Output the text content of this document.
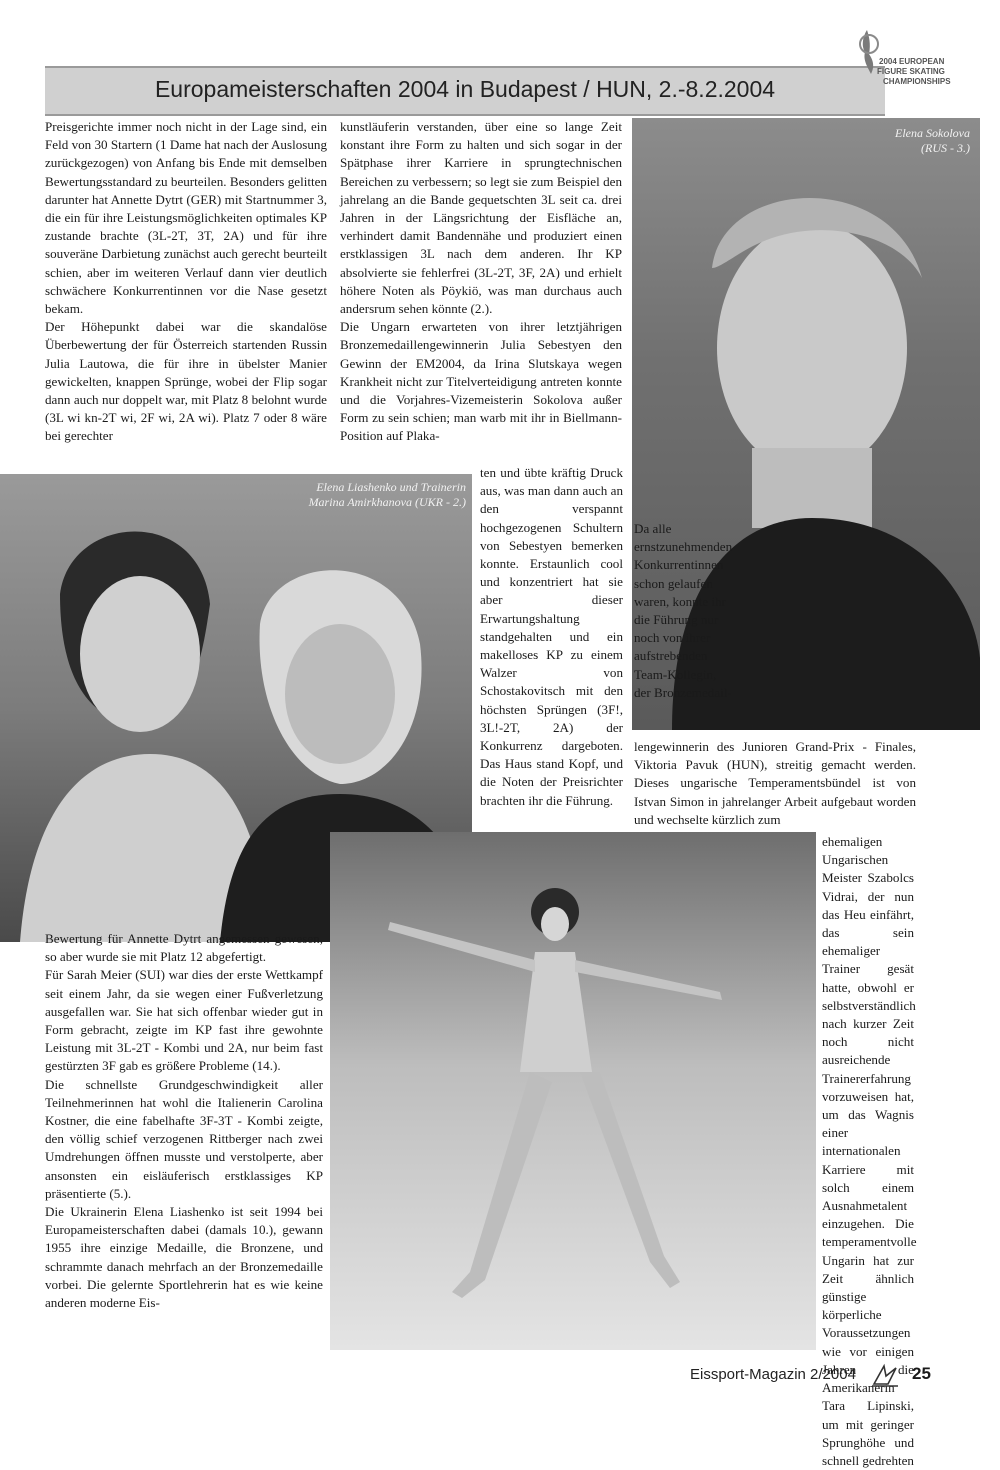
Europameisterschaften 2004 in Budapest / HUN, 2.-8.2.2004
2004 EUROPEAN
FIGURE SKATING
CHAMPIONSHIPS

Preisgerichte immer noch nicht in der Lage sind, ein Feld von 30 Startern (1 Dame hat nach der Auslosung zurückgezogen) von Anfang bis Ende mit demselben Bewertungsstandard zu beurteilen. Besonders gelitten darunter hat Annette Dytrt (GER) mit Startnummer 3, die ein für ihre Leistungsmöglichkeiten optimales KP zustande brachte (3L-2T, 3T, 2A) und für ihre souveräne Darbietung zunächst auch gerecht beurteilt schien, aber im weiteren Verlauf dann vier deutlich schwächere Konkurrentinnen vor die Nase gesetzt bekam.

Der Höhepunkt dabei war die skandalöse Überbewertung der für Österreich startenden Russin Julia Lautowa, die für ihre in übelster Manier gewickelten, knappen Sprünge, wobei der Flip sogar dann auch nur doppelt war, mit Platz 8 belohnt wurde (3L wi kn-2T wi, 2F wi, 2A wi). Platz 7 oder 8 wäre bei gerechter

kunstläuferin verstanden, über eine so lange Zeit konstant ihre Form zu halten und sich sogar in der Spätphase ihrer Karriere in sprungtechnischen Bereichen zu verbessern; so legt sie zum Beispiel den jahrelang an die Bande gequetschten 3L seit ca. drei Jahren in der Längsrichtung der Eisfläche an, verhindert damit Bandennähe und produziert einen erstklassigen 3L nach dem anderen. Ihr KP absolvierte sie fehlerfrei (3L-2T, 3F, 2A) und erhielt höhere Noten als Pöykiö, was man durchaus auch andersrum sehen könnte (2.).

Die Ungarn erwarteten von ihrer letztjährigen Bronzemedaillengewinnerin Julia Sebestyen den Gewinn der EM2004, da Irina Slutskaya wegen Krankheit nicht zur Titelverteidigung antreten konnte und die Vorjahres-Vizemeisterin Sokolova außer Form zu sein schien; man warb mit ihr in Biellmann-Position auf Plaka-

Elena Sokolova
(RUS - 3.)
Elena Liashenko und Trainerin
Marina Amirkhanova (UKR - 2.)

ten und übte kräftig Druck aus, was man dann auch an den verspannt hochgezogenen Schultern von Sebestyen bemerken konnte. Erstaunlich cool und konzentriert hat sie aber dieser Erwartungshaltung standgehalten und ein makelloses KP zu einem Walzer von Schostakovitsch mit den höchsten Sprüngen (3F!, 3L!-2T, 2A) der Konkurrenz dargeboten. Das Haus stand Kopf, und die Noten der Preisrichter brachten ihr die Führung.

Da alle ernstzunehmenden Konkurrentinnen schon gelaufen waren, konnte ihr die Führung nur noch von ihrer aufstrebenden Team-Kollegin, der Bronzemedail-

lengewinnerin des Junioren Grand-Prix - Finales, Viktoria Pavuk (HUN), streitig gemacht werden. Dieses ungarische Temperamentsbündel ist von Istvan Simon in jahrelanger Arbeit aufgebaut worden und wechselte kürzlich zum

ehemaligen Ungarischen Meister Szabolcs Vidrai, der nun das Heu einfährt, das sein ehemaliger Trainer gesät hatte, obwohl er selbstverständlich nach kurzer Zeit noch nicht ausreichende Trainererfahrung vorzuweisen hat, um das Wagnis einer internationalen Karriere mit solch einem Ausnahmetalent einzugehen. Die temperamentvolle Ungarin hat zur Zeit ähnlich günstige körperliche Voraussetzungen wie vor einigen Jahren die Amerikanerin Tara Lipinski, um mit geringer Sprunghöhe und schnell gedrehten

Bewertung für Annette Dytrt angemessen gewesen, so aber wurde sie mit Platz 12 abgefertigt.

Für Sarah Meier (SUI) war dies der erste Wettkampf seit einem Jahr, da sie wegen einer Fußverletzung ausgefallen war. Sie hat sich offenbar wieder gut in Form gebracht, zeigte im KP fast ihre gewohnte Leistung mit 3L-2T - Kombi und 2A, nur beim fast gestürzten 3F gab es größere Probleme (14.).

Die schnellste Grundgeschwindigkeit aller Teilnehmerinnen hat wohl die Italienerin Carolina Kostner, die eine fabelhafte 3F-3T - Kombi zeigte, den völlig schief verzogenen Rittberger nach zwei Umdrehungen öffnen musste und verstolperte, aber ansonsten ein eisläuferisch erstklassiges KP präsentierte (5.).

Die Ukrainerin Elena Liashenko ist seit 1994 bei Europameisterschaften dabei (damals 10.), gewann 1955 ihre einzige Medaille, die Bronzene, und schrammte danach mehrfach an der Bronzemedaille vorbei. Die gelernte Sportlehrerin hat es wie keine anderen moderne Eis-

Eissport-Magazin 2/2004	25
